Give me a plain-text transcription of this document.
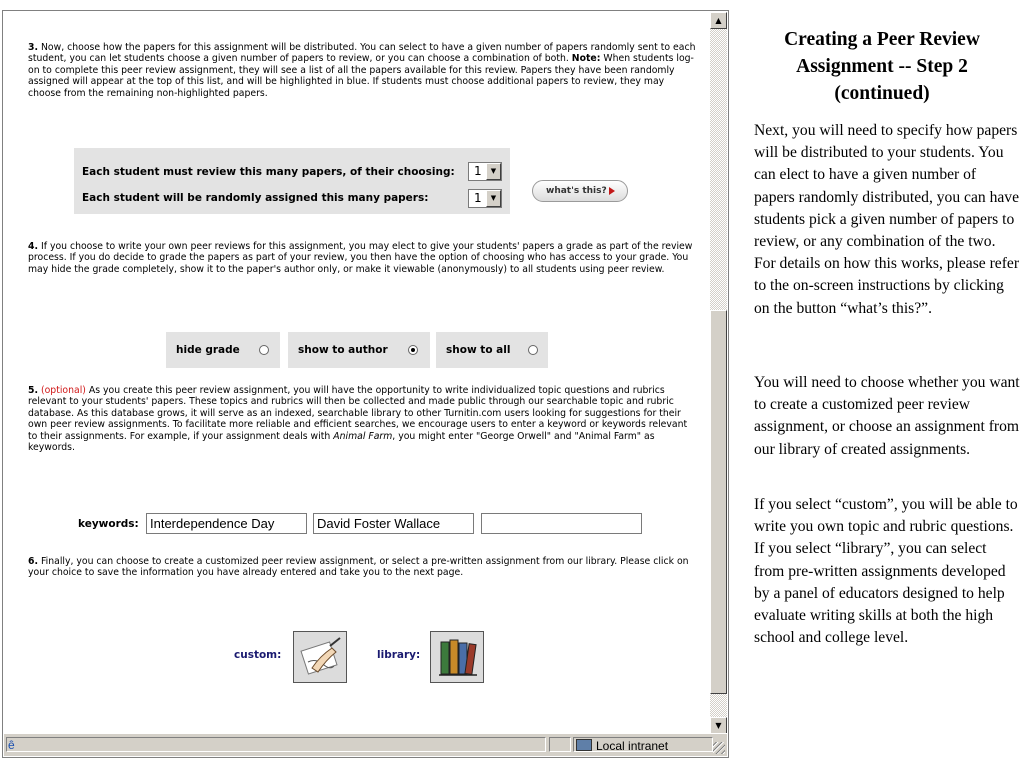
3. Now, choose how the papers for this assignment will be distributed. You can select to have a given number of papers randomly sent to each student, you can let students choose a given number of papers to review, or you can choose a combination of both. Note: When students log-on to complete this peer review assignment, they will see a list of all the papers available for this review. Papers they have been randomly assigned will appear at the top of this list, and will be highlighted in blue. If students must choose additional papers to review, they may choose from the remaining non-highlighted papers.
Each student must review this many papers, of their choosing: 1	▼
Each student will be randomly assigned this many papers:	1	▼
what's this?
4. If you choose to write your own peer reviews for this assignment, you may elect to give your students' papers a grade as part of the review process. If you do decide to grade the papers as part of your review, you then have the option of choosing who has access to your grade. You may hide the grade completely, show it to the paper's author only, or make it viewable (anonymously) to all students using peer review.
hide grade	show to author	show to all
5. (optional) As you create this peer review assignment, you will have the opportunity to write individualized topic questions and rubrics relevant to your students' papers. These topics and rubrics will then be collected and made public through our searchable topic and rubric database. As this database grows, it will serve as an indexed, searchable library to other Turnitin.com users looking for suggestions for their own peer review assignments. To facilitate more reliable and efficient searches, we encourage users to enter a keyword or keywords relevant to their assignments. For example, if your assignment deals with Animal Farm, you might enter "George Orwell" and "Animal Farm" as keywords.
keywords:
Interdependence Day
David Foster Wallace
6. Finally, you can choose to create a customized peer review assignment, or select a pre-written assignment from our library. Please click on your choice to save the information you have already entered and take you to the next page.
custom:	library:
▲
▼
ê	Local intranet
Creating a Peer Review Assignment -- Step 2 (continued)
Next, you will need to specify how papers will be distributed to your students. You can elect to have a given number of papers randomly distributed, you can have students pick a given number of papers to review, or any combination of the two. For details on how this works, please refer to the on-screen instructions by clicking on the button “what’s this?”.
You will need to choose whether you want to create a customized peer review assignment, or choose an assignment from our library of created assignments.
If you select “custom”, you will be able to write you own topic and rubric questions. If you select “library”, you can select from pre-written assignments developed by a panel of educators designed to help evaluate writing skills at both the high school and college level.
